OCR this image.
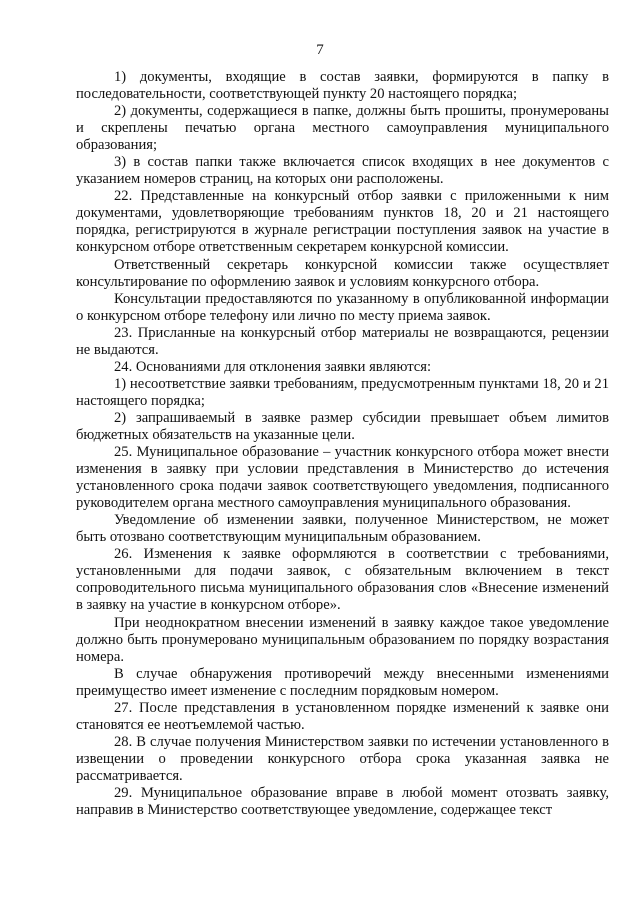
7

1) документы, входящие в состав заявки, формируются в папку в последовательности, соответствующей пункту 20 настоящего порядка;

2) документы, содержащиеся в папке, должны быть прошиты, пронумерованы и скреплены печатью органа местного самоуправления муниципального образования;

3) в состав папки также включается список входящих в нее документов с указанием номеров страниц, на которых они расположены.

22. Представленные на конкурсный отбор заявки с приложенными к ним документами, удовлетворяющие требованиям пунктов 18, 20 и 21 настоящего порядка, регистрируются в журнале регистрации поступления заявок на участие в конкурсном отборе ответственным секретарем конкурсной комиссии.

Ответственный секретарь конкурсной комиссии также осуществляет консультирование по оформлению заявок и условиям конкурсного отбора.

Консультации предоставляются по указанному в опубликованной информации о конкурсном отборе телефону или лично по месту приема заявок.

23. Присланные на конкурсный отбор материалы не возвращаются, рецензии не выдаются.

24. Основаниями для отклонения заявки являются:

1) несоответствие заявки требованиям, предусмотренным пунктами 18, 20 и 21 настоящего порядка;

2) запрашиваемый в заявке размер субсидии превышает объем лимитов бюджетных обязательств на указанные цели.

25. Муниципальное образование – участник конкурсного отбора может внести изменения в заявку при условии представления в Министерство до истечения установленного срока подачи заявок соответствующего уведомления, подписанного руководителем органа местного самоуправления муниципального образования.

Уведомление об изменении заявки, полученное Министерством, не может быть отозвано соответствующим муниципальным образованием.

26. Изменения к заявке оформляются в соответствии с требованиями, установленными для подачи заявок, с обязательным включением в текст сопроводительного письма муниципального образования слов «Внесение изменений в заявку на участие в конкурсном отборе».

При неоднократном внесении изменений в заявку каждое такое уведомление должно быть пронумеровано муниципальным образованием по порядку возрастания номера.

В случае обнаружения противоречий между внесенными изменениями преимущество имеет изменение с последним порядковым номером.

27. После представления в установленном порядке изменений к заявке они становятся ее неотъемлемой частью.

28. В случае получения Министерством заявки по истечении установленного в извещении о проведении конкурсного отбора срока указанная заявка не рассматривается.

29. Муниципальное образование вправе в любой момент отозвать заявку, направив в Министерство соответствующее уведомление, содержащее текст
